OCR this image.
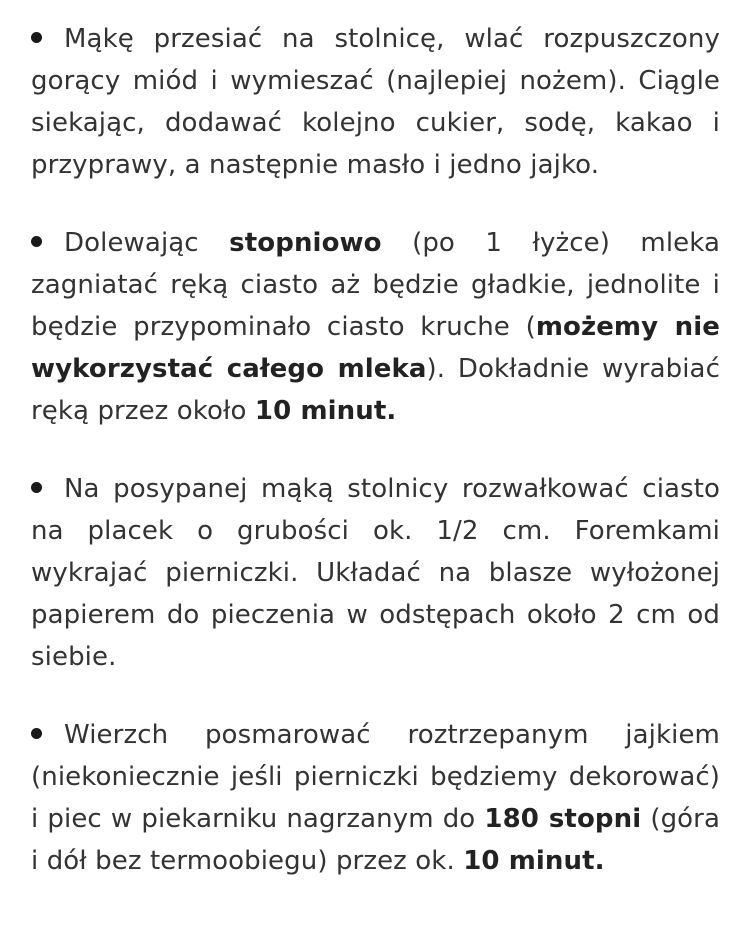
Mąkę przesiać na stolnicę, wlać rozpuszczony gorący miód i wymieszać (najlepiej nożem). Ciągle siekając, dodawać kolejno cukier, sodę, kakao i przyprawy, a następnie masło i jedno jajko.

Dolewając stopniowo (po 1 łyżce) mleka zagniatać ręką ciasto aż będzie gładkie, jednolite i będzie przypominało ciasto kruche (możemy nie wykorzystać całego mleka). Dokładnie wyrabiać ręką przez około 10 minut.

Na posypanej mąką stolnicy rozwałkować ciasto na placek o grubości ok. 1/2 cm. Foremkami wykrajać pierniczki. Układać na blasze wyłożonej papierem do pieczenia w odstępach około 2 cm od siebie.

Wierzch posmarować roztrzepanym jajkiem (niekoniecznie jeśli pierniczki będziemy dekorować) i piec w piekarniku nagrzanym do 180 stopni (góra i dół bez termoobiegu) przez ok. 10 minut.
